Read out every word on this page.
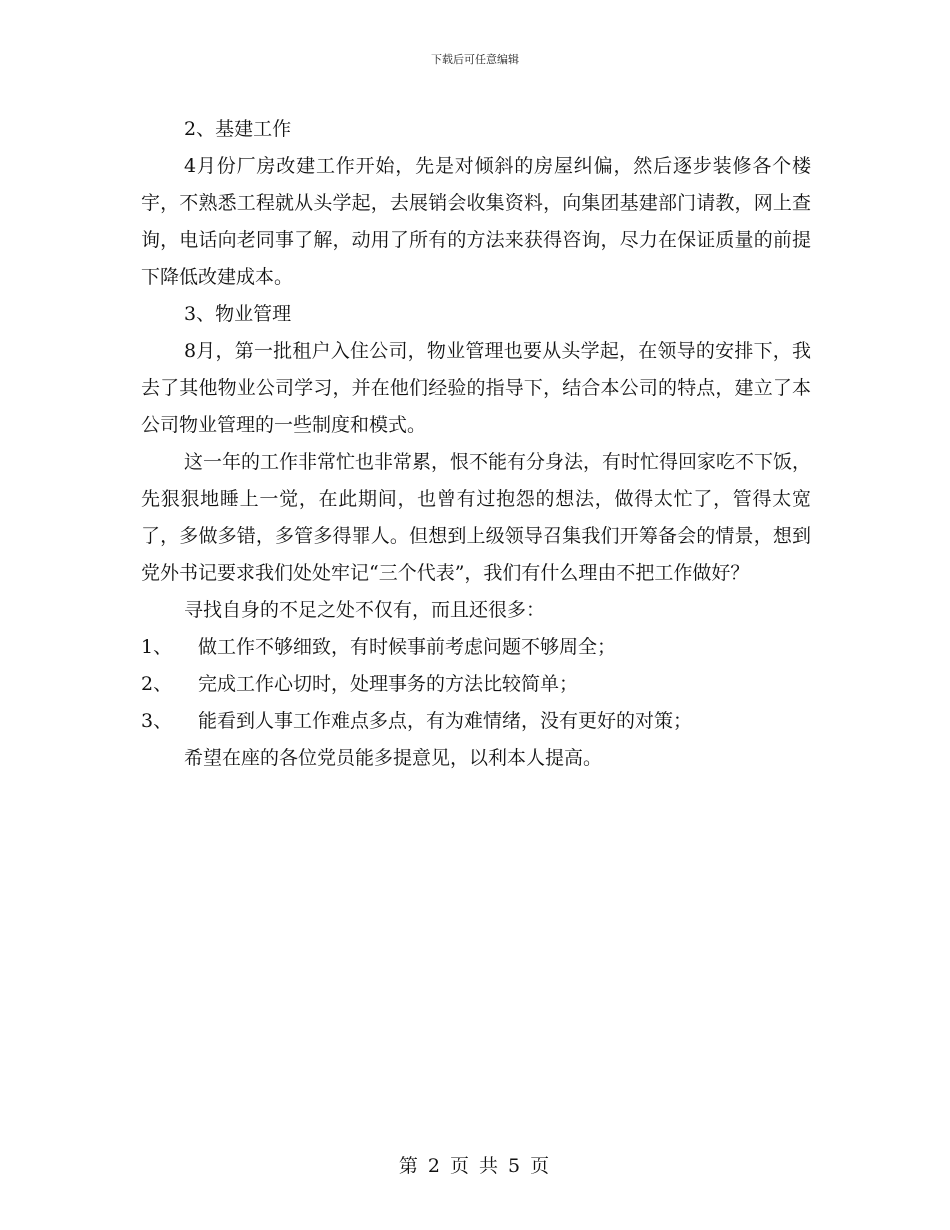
下载后可任意编辑

2、基建工作

4月份厂房改建工作开始，先是对倾斜的房屋纠偏，然后逐步装修各个楼宇，不熟悉工程就从头学起，去展销会收集资料，向集团基建部门请教，网上查询，电话向老同事了解，动用了所有的方法来获得咨询，尽力在保证质量的前提下降低改建成本。

3、物业管理

8月，第一批租户入住公司，物业管理也要从头学起，在领导的安排下，我去了其他物业公司学习，并在他们经验的指导下，结合本公司的特点，建立了本公司物业管理的一些制度和模式。

这一年的工作非常忙也非常累，恨不能有分身法，有时忙得回家吃不下饭，先狠狠地睡上一觉，在此期间，也曾有过抱怨的想法，做得太忙了，管得太宽了，多做多错，多管多得罪人。但想到上级领导召集我们开筹备会的情景，想到党外书记要求我们处处牢记“三个代表”，我们有什么理由不把工作做好？

寻找自身的不足之处不仅有，而且还很多：

1、 做工作不够细致，有时候事前考虑问题不够周全；

2、 完成工作心切时，处理事务的方法比较简单；

3、 能看到人事工作难点多点，有为难情绪，没有更好的对策；

希望在座的各位党员能多提意见，以利本人提高。

第 2 页 共 5 页
